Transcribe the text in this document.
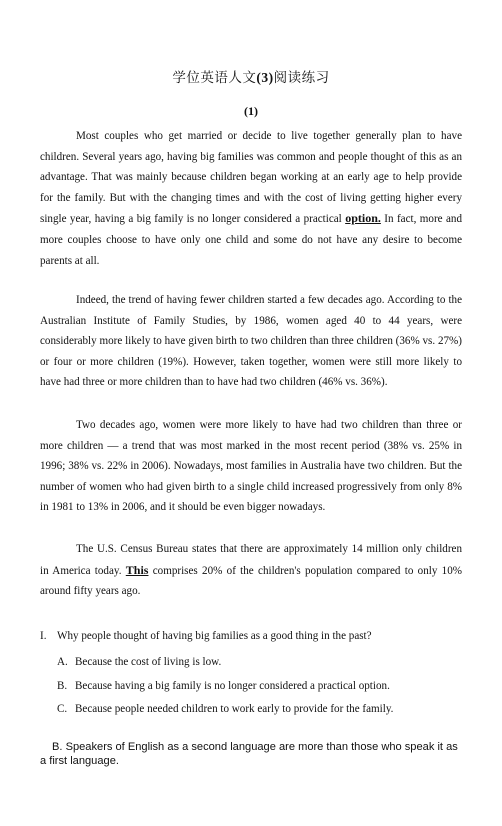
学位英语人文(3)阅读练习
(1)

Most couples who get married or decide to live together generally plan to have children. Several years ago, having big families was common and people thought of this as an advantage. That was mainly because children began working at an early age to help provide for the family. But with the changing times and with the cost of living getting higher every single year, having a big family is no longer considered a practical option. In fact, more and more couples choose to have only one child and some do not have any desire to become parents at all.

Indeed, the trend of having fewer children started a few decades ago. According to the Australian Institute of Family Studies, by 1986, women aged 40 to 44 years, were considerably more likely to have given birth to two children than three children (36% vs. 27%) or four or more children (19%). However, taken together, women were still more likely to have had three or more children than to have had two children (46% vs. 36%).

Two decades ago, women were more likely to have had two children than three or more children — a trend that was most marked in the most recent period (38% vs. 25% in 1996; 38% vs. 22% in 2006). Nowadays, most families in Australia have two children. But the number of women who had given birth to a single child increased progressively from only 8% in 1981 to 13% in 2006, and it should be even bigger nowadays.

The U.S. Census Bureau states that there are approximately 14 million only children in America today. This comprises 20% of the children's population compared to only 10% around fifty years ago.

I. Why people thought of having big families as a good thing in the past?
A. Because the cost of living is low.
B. Because having a big family is no longer considered a practical option.
C. Because people needed children to work early to provide for the family.

B. Speakers of English as a second language are more than those who speak it as a first language.
